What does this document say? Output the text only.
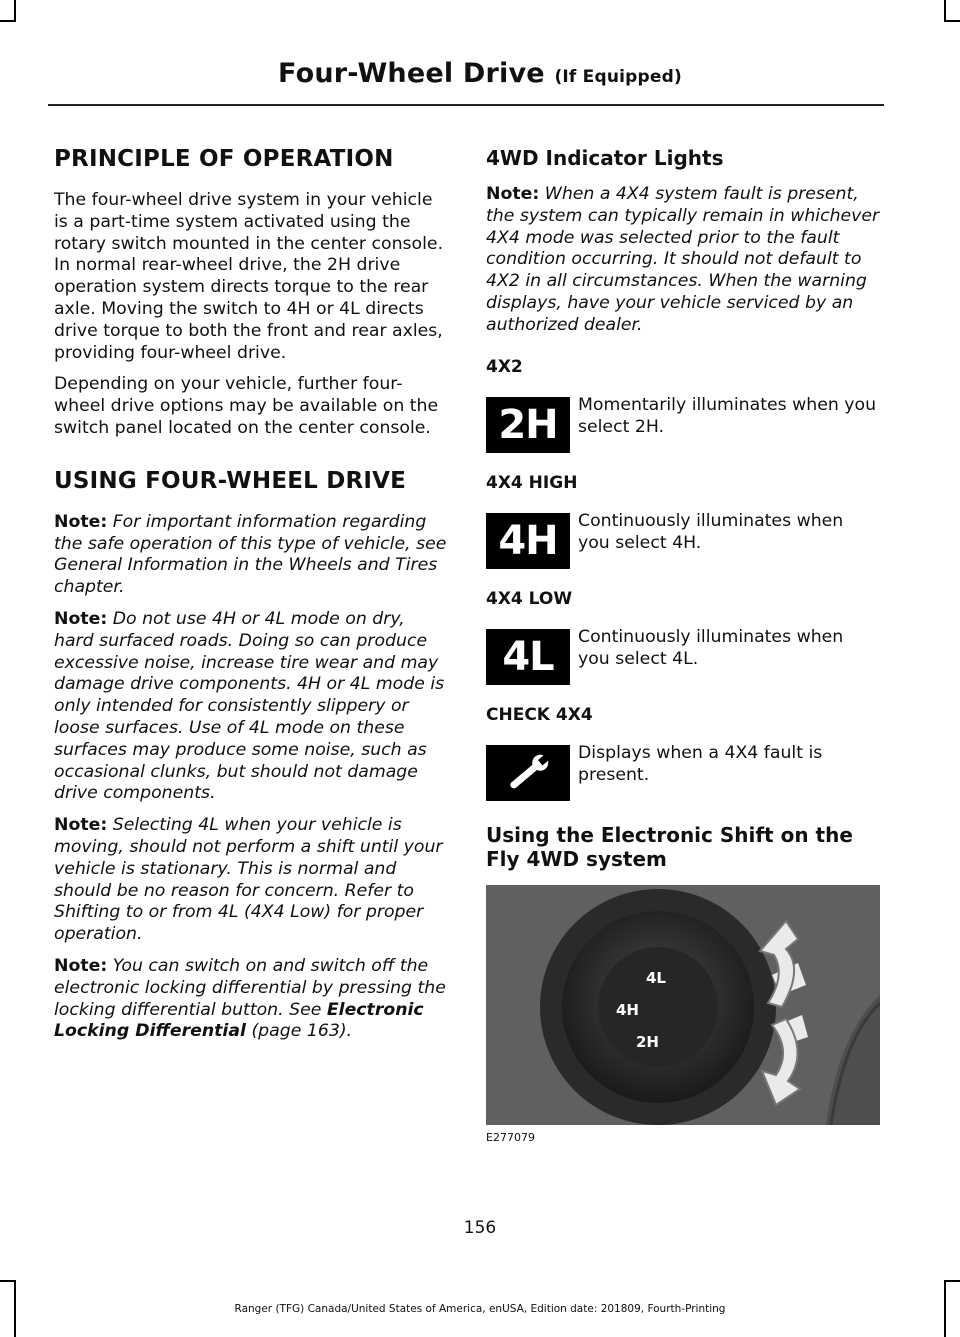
Four-Wheel Drive (If Equipped)
PRINCIPLE OF OPERATION

The four-wheel drive system in your vehicle is a part-time system activated using the rotary switch mounted in the center console. In normal rear-wheel drive, the 2H drive operation system directs torque to the rear axle. Moving the switch to 4H or 4L directs drive torque to both the front and rear axles, providing four-wheel drive.

Depending on your vehicle, further four-wheel drive options may be available on the switch panel located on the center console.

USING FOUR-WHEEL DRIVE

Note: For important information regarding the safe operation of this type of vehicle, see General Information in the Wheels and Tires chapter.

Note: Do not use 4H or 4L mode on dry, hard surfaced roads. Doing so can produce excessive noise, increase tire wear and may damage drive components. 4H or 4L mode is only intended for consistently slippery or loose surfaces. Use of 4L mode on these surfaces may produce some noise, such as occasional clunks, but should not damage drive components.

Note: Selecting 4L when your vehicle is moving, should not perform a shift until your vehicle is stationary. This is normal and should be no reason for concern. Refer to Shifting to or from 4L (4X4 Low) for proper operation.

Note: You can switch on and switch off the electronic locking differential by pressing the locking differential button. See Electronic Locking Differential (page 163).

4WD Indicator Lights

Note: When a 4X4 system fault is present, the system can typically remain in whichever 4X4 mode was selected prior to the fault condition occurring. It should not default to 4X2 in all circumstances. When the warning displays, have your vehicle serviced by an authorized dealer.

4X2
2H	Momentarily illuminates when you select 2H.
4X4 HIGH
4H	Continuously illuminates when you select 4H.
4X4 LOW
4L	Continuously illuminates when you select 4L.
CHECK 4X4
Displays when a 4X4 fault is present.
Using the Electronic Shift on the Fly 4WD system
4L
4H
2H
E277079
156
Ranger (TFG) Canada/United States of America, enUSA, Edition date: 201809, Fourth-Printing
